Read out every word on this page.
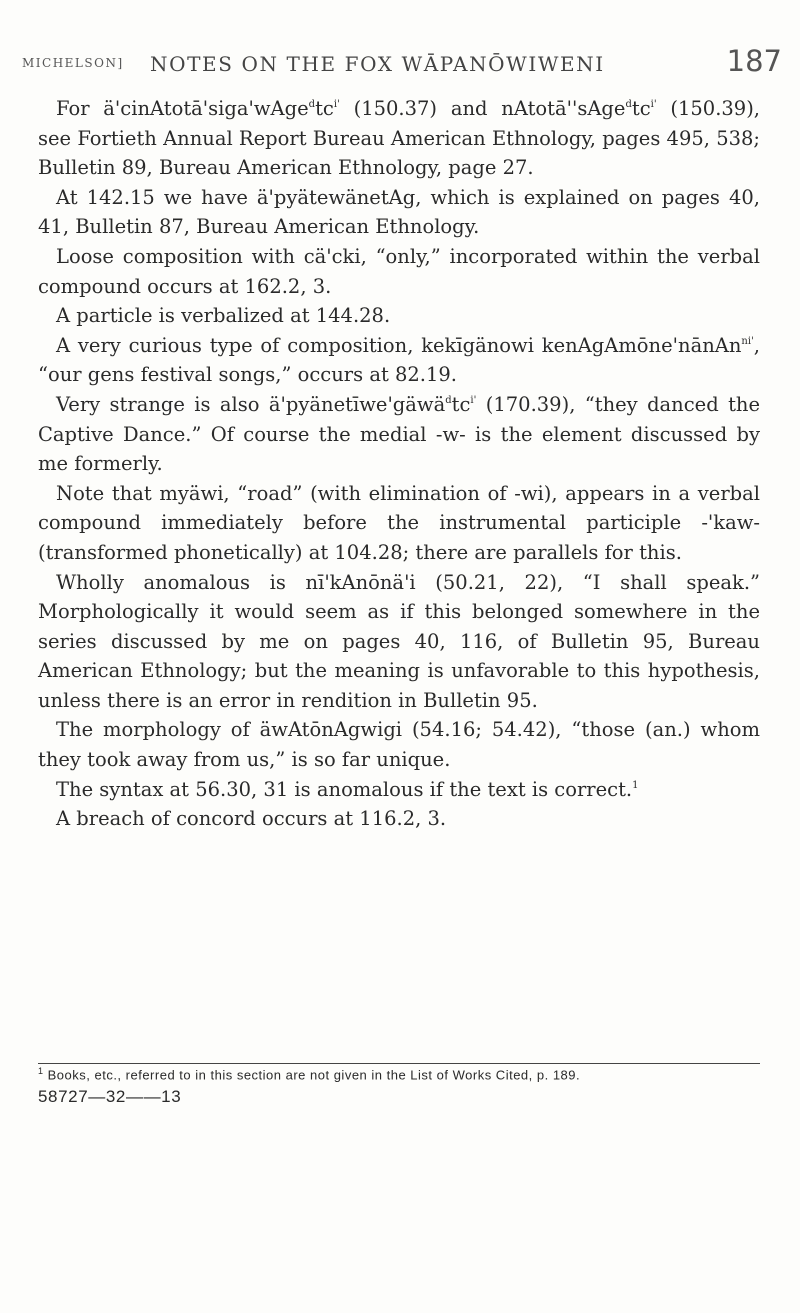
MICHELSON] NOTES ON THE FOX WĀPANŌWIWENI	187

For $ä'cinAtotā'siga'wAge^dtc^{i'}$ (150.37) and $nAtotā''sAge^dtc^{i'}$ (150.39), see Fortieth Annual Report Bureau American Ethnology, pages 495, 538; Bulletin 89, Bureau American Ethnology, page 27.

At 142.15 we have ä'pyätewänetAg, which is explained on pages 40, 41, Bulletin 87, Bureau American Ethnology.

Loose composition with cä'cki, “only,” incorporated within the verbal compound occurs at 162.2, 3.

A particle is verbalized at 144.28.

A very curious type of composition, kekīgänowi kenAgAmōne'nānAn$^{ni'}$, “our gens festival songs,” occurs at 82.19.

Very strange is also $ä'pyänetīwe'gäwä^dtc^{i'}$ (170.39), “they danced the Captive Dance.” Of course the medial -w- is the element discussed by me formerly.

Note that myäwi, “road” (with elimination of -wi), appears in a verbal compound immediately before the instrumental participle -'kaw- (transformed phonetically) at 104.28; there are parallels for this.

Wholly anomalous is nī'kAnōnä'i (50.21, 22), “I shall speak.” Morphologically it would seem as if this belonged somewhere in the series discussed by me on pages 40, 116, of Bulletin 95, Bureau American Ethnology; but the meaning is unfavorable to this hypothesis, unless there is an error in rendition in Bulletin 95.

The morphology of äwAtōnAgwigi (54.16; 54.42), “those (an.) whom they took away from us,” is so far unique.

The syntax at 56.30, 31 is anomalous if the text is correct.$^1$

A breach of concord occurs at 116.2, 3.

$^1$ Books, etc., referred to in this section are not given in the List of Works Cited, p. 189.
58727—32——13
